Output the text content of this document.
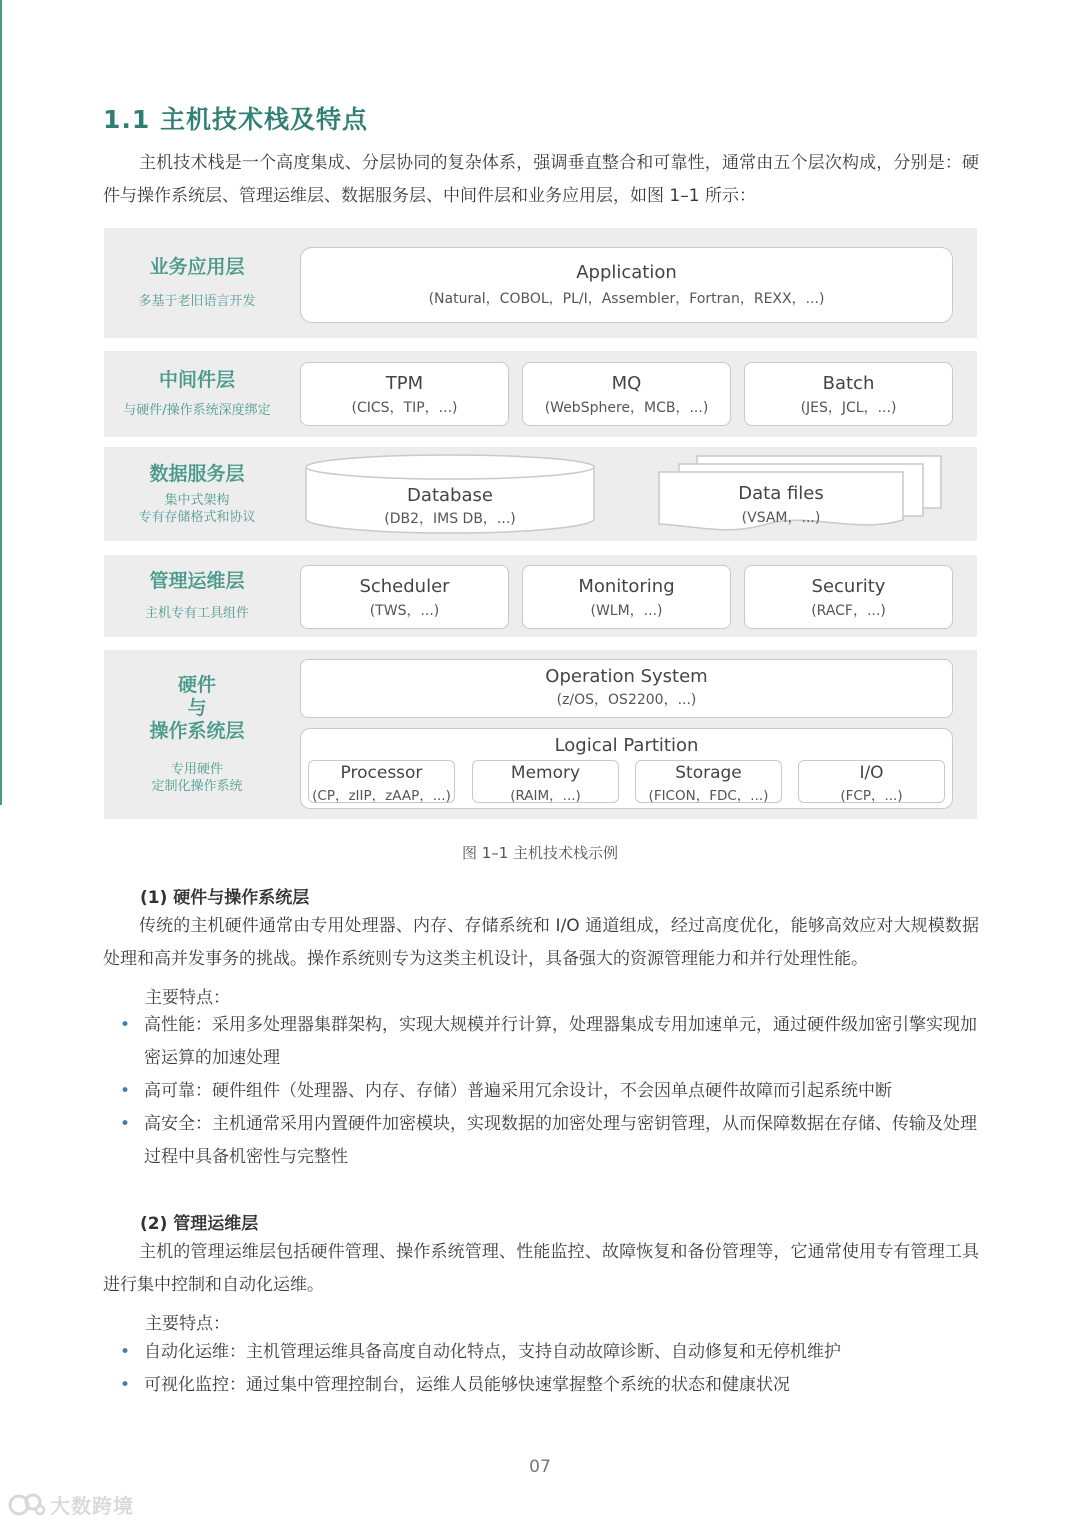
1.1 主机技术栈及特点

主机技术栈是一个高度集成、分层协同的复杂体系，强调垂直整合和可靠性，通常由五个层次构成，分别是：硬件与操作系统层、管理运维层、数据服务层、中间件层和业务应用层，如图 1–1 所示：

业务应用层
多基于老旧语言开发
Application
(Natural，COBOL，PL/I，Assembler，Fortran，REXX，...)
中间件层
与硬件/操作系统深度绑定
TPM
(CICS，TIP，...)
MQ
(WebSphere，MCB，...)
Batch
(JES，JCL，...)
数据服务层
集中式架构
专有存储格式和协议
Database
(DB2，IMS DB，...)
Data files
(VSAM，...)
管理运维层
主机专有工具组件
Scheduler
(TWS，...)
Monitoring
(WLM，...)
Security
(RACF，...)
硬件
与
操作系统层
专用硬件
定制化操作系统
Operation System
(z/OS，OS2200，...)
Logical Partition
Processor
(CP，zIIP，zAAP，...)
Memory
(RAIM，...)
Storage
(FICON，FDC，...)
I/O
(FCP，...)
图 1–1 主机技术栈示例
(1) 硬件与操作系统层

传统的主机硬件通常由专用处理器、内存、存储系统和 I/O 通道组成，经过高度优化，能够高效应对大规模数据处理和高并发事务的挑战。操作系统则专为这类主机设计，具备强大的资源管理能力和并行处理性能。

主要特点：
• 高性能：采用多处理器集群架构，实现大规模并行计算，处理器集成专用加速单元，通过硬件级加密引擎实现加密运算的加速处理
• 高可靠：硬件组件（处理器、内存、存储）普遍采用冗余设计，不会因单点硬件故障而引起系统中断
• 高安全：主机通常采用内置硬件加密模块，实现数据的加密处理与密钥管理，从而保障数据在存储、传输及处理过程中具备机密性与完整性
(2) 管理运维层

主机的管理运维层包括硬件管理、操作系统管理、性能监控、故障恢复和备份管理等，它通常使用专有管理工具进行集中控制和自动化运维。

主要特点：
• 自动化运维：主机管理运维具备高度自动化特点，支持自动故障诊断、自动修复和无停机维护
• 可视化监控：通过集中管理控制台，运维人员能够快速掌握整个系统的状态和健康状况
07
大数跨境
